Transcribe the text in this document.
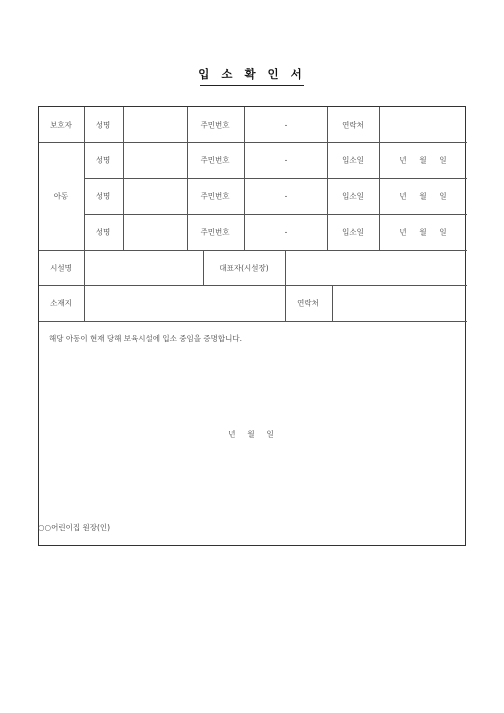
입 소 확 인 서
보호자	성명	주민번호	-	연락처
아동
성명	주민번호	-	입소일	년  월  일
성명	주민번호	-	입소일	년  월  일
성명	주민번호	-	입소일	년  월  일
시설명	대표자(시설장)
소재지	연락처
해당 아동이 현재 당해 보육시설에 입소 중임을 증명합니다.
년     월     일
○○어린이집 원장(인)
